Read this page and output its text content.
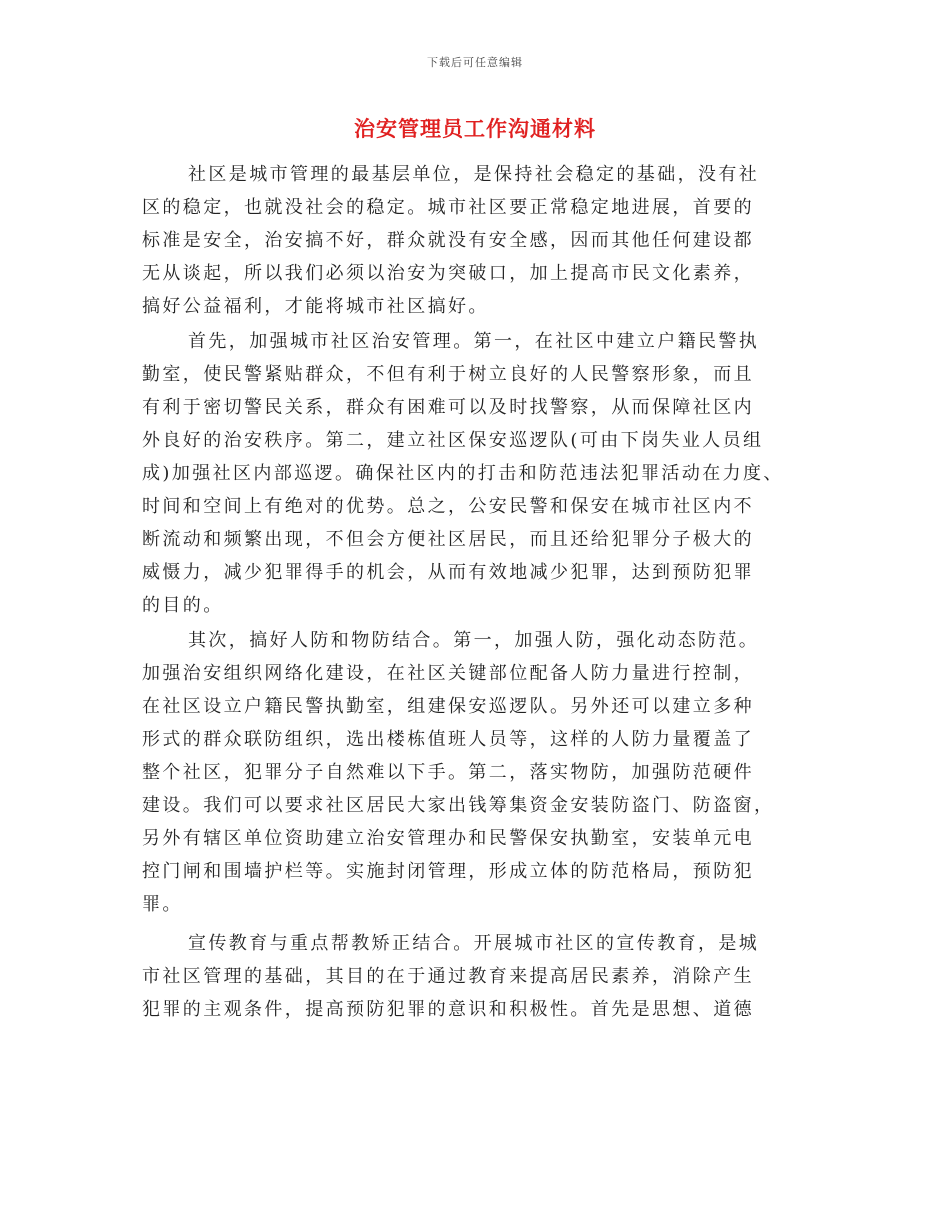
下载后可任意编辑
治安管理员工作沟通材料
社区是城市管理的最基层单位，是保持社会稳定的基础，没有社
区的稳定，也就没社会的稳定。城市社区要正常稳定地进展，首要的
标准是安全，治安搞不好，群众就没有安全感，因而其他任何建设都
无从谈起，所以我们必须以治安为突破口，加上提高市民文化素养，
搞好公益福利，才能将城市社区搞好。
首先，加强城市社区治安管理。第一，在社区中建立户籍民警执
勤室，使民警紧贴群众，不但有利于树立良好的人民警察形象，而且
有利于密切警民关系，群众有困难可以及时找警察，从而保障社区内
外良好的治安秩序。第二，建立社区保安巡逻队(可由下岗失业人员组
成)加强社区内部巡逻。确保社区内的打击和防范违法犯罪活动在力度、
时间和空间上有绝对的优势。总之，公安民警和保安在城市社区内不
断流动和频繁出现，不但会方便社区居民，而且还给犯罪分子极大的
威慑力，减少犯罪得手的机会，从而有效地减少犯罪，达到预防犯罪
的目的。
其次，搞好人防和物防结合。第一，加强人防，强化动态防范。
加强治安组织网络化建设，在社区关键部位配备人防力量进行控制，
在社区设立户籍民警执勤室，组建保安巡逻队。另外还可以建立多种
形式的群众联防组织，选出楼栋值班人员等，这样的人防力量覆盖了
整个社区，犯罪分子自然难以下手。第二，落实物防，加强防范硬件
建设。我们可以要求社区居民大家出钱筹集资金安装防盗门、防盗窗，
另外有辖区单位资助建立治安管理办和民警保安执勤室，安装单元电
控门闸和围墙护栏等。实施封闭管理，形成立体的防范格局，预防犯
罪。
宣传教育与重点帮教矫正结合。开展城市社区的宣传教育，是城
市社区管理的基础，其目的在于通过教育来提高居民素养，消除产生
犯罪的主观条件，提高预防犯罪的意识和积极性。首先是思想、道德
